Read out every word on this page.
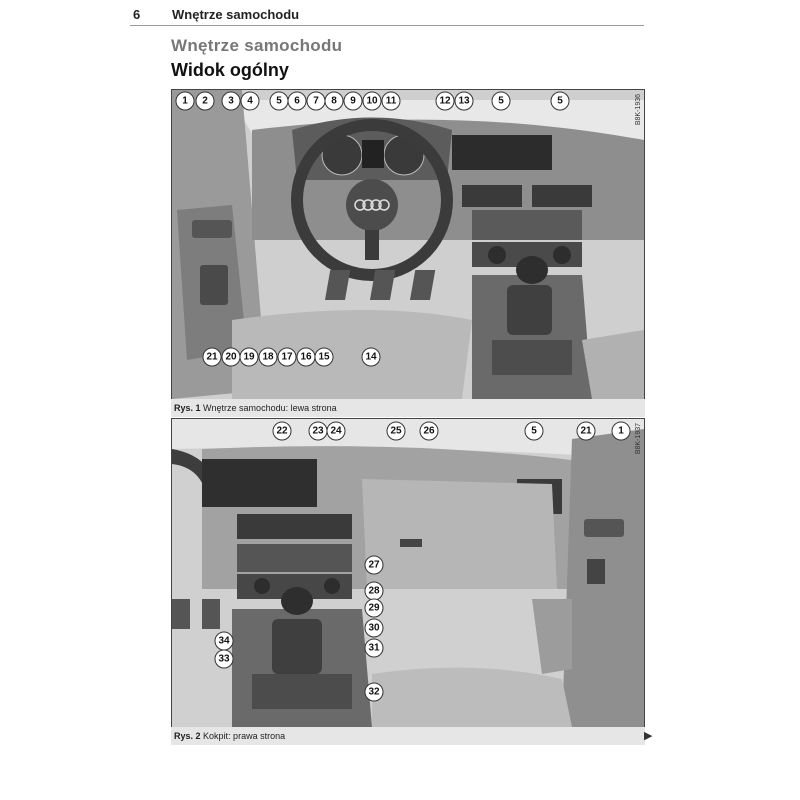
6 Wnętrze samochodu
Wnętrze samochodu
Widok ogólny
B8K-1936
1	2	3	4	5	6	7	8	9	10 11	12 13	5	5
21 20 19 18 17 16 15	14
Rys. 1 Wnętrze samochodu: lewa strona
B8K-1937
22	23 24	25	26	5	21	1
27
28
29
30
34
33
31
32
Rys. 2 Kokpit: prawa strona	▶
